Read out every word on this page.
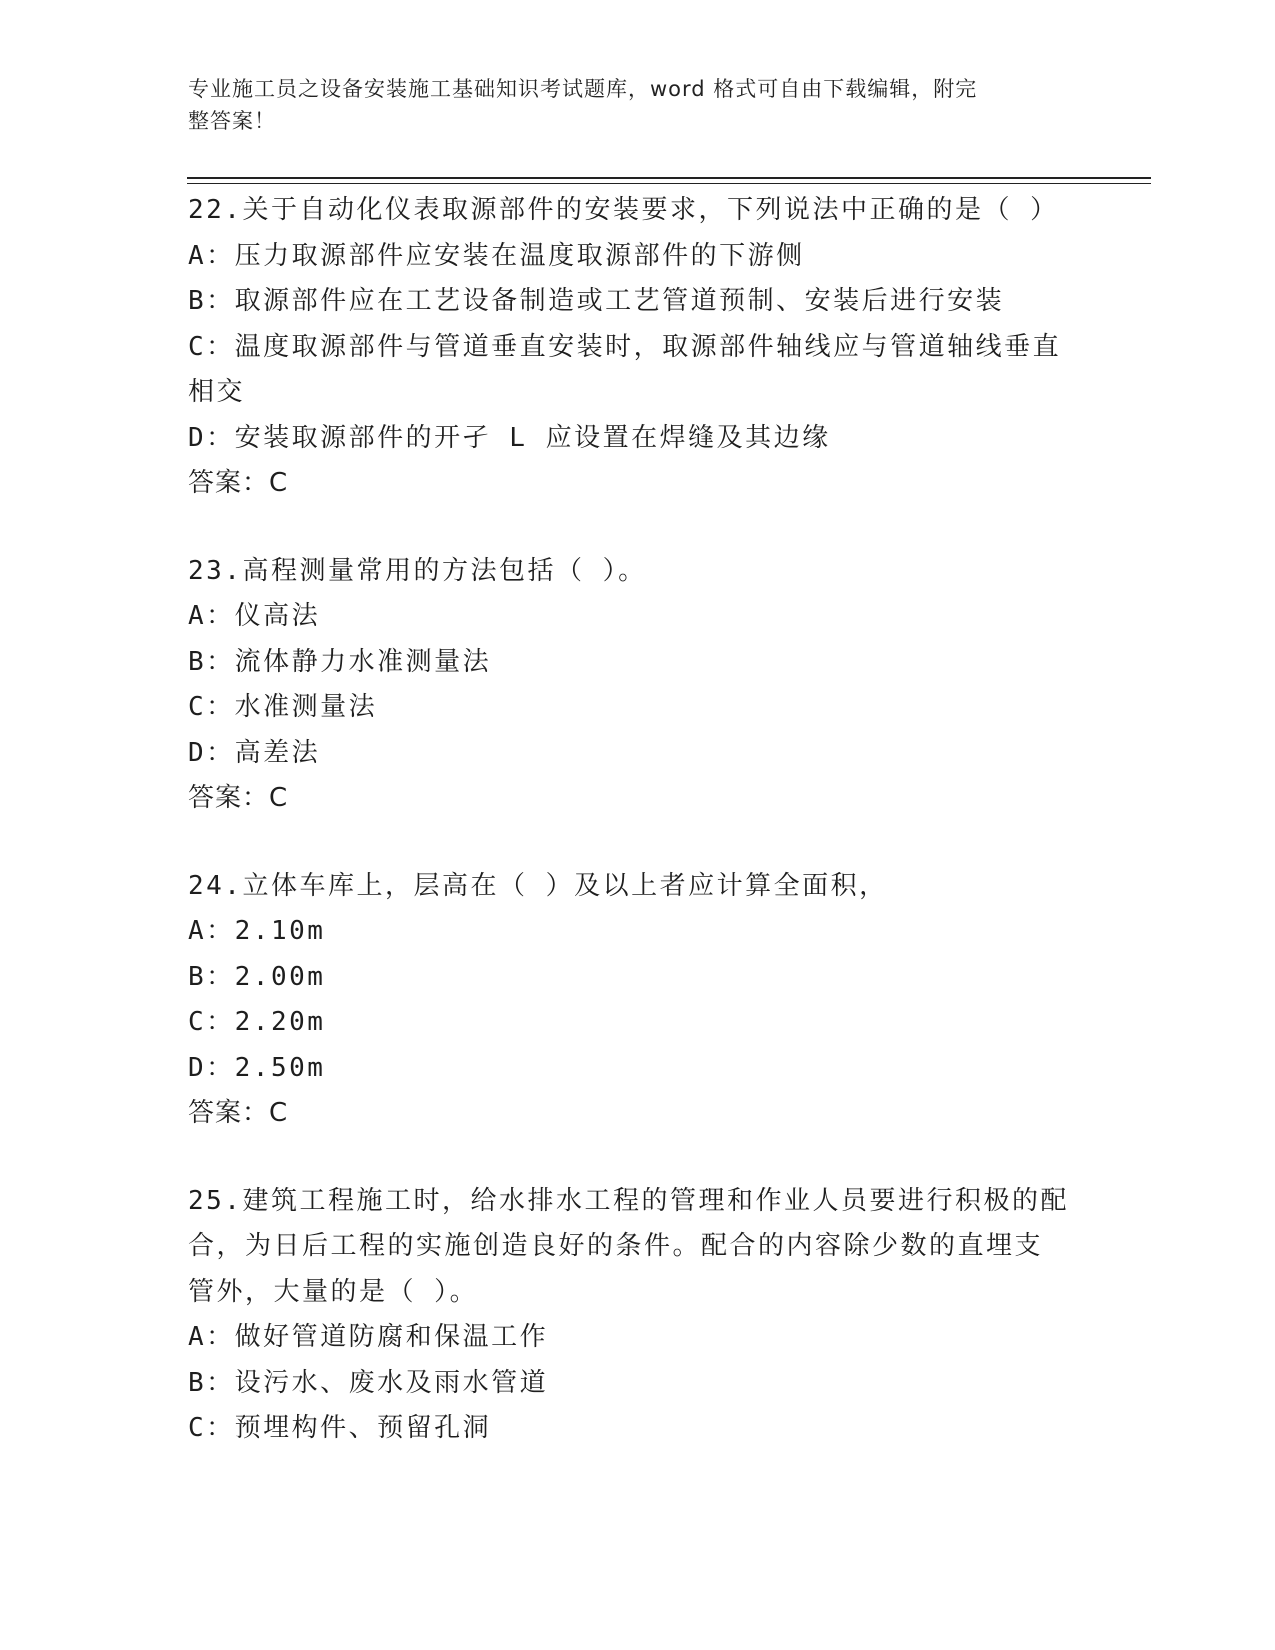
专业施工员之设备安装施工基础知识考试题库，word 格式可自由下载编辑，附完
整答案！
22.关于自动化仪表取源部件的安装要求，下列说法中正确的是（ ）
A：压力取源部件应安装在温度取源部件的下游侧
B：取源部件应在工艺设备制造或工艺管道预制、安装后进行安装
C：温度取源部件与管道垂直安装时，取源部件轴线应与管道轴线垂直
相交
D：安装取源部件的开孑 L 应设置在焊缝及其边缘
答案：C
23.高程测量常用的方法包括（ ）。
A：仪高法
B：流体静力水准测量法
C：水准测量法
D：高差法
答案：C
24.立体车库上，层高在（ ）及以上者应计算全面积，
A：2.10m
B：2.00m
C：2.20m
D：2.50m
答案：C
25.建筑工程施工时，给水排水工程的管理和作业人员要进行积极的配
合，为日后工程的实施创造良好的条件。配合的内容除少数的直埋支
管外，大量的是（ ）。
A：做好管道防腐和保温工作
B：设污水、废水及雨水管道
C：预埋构件、预留孔洞
